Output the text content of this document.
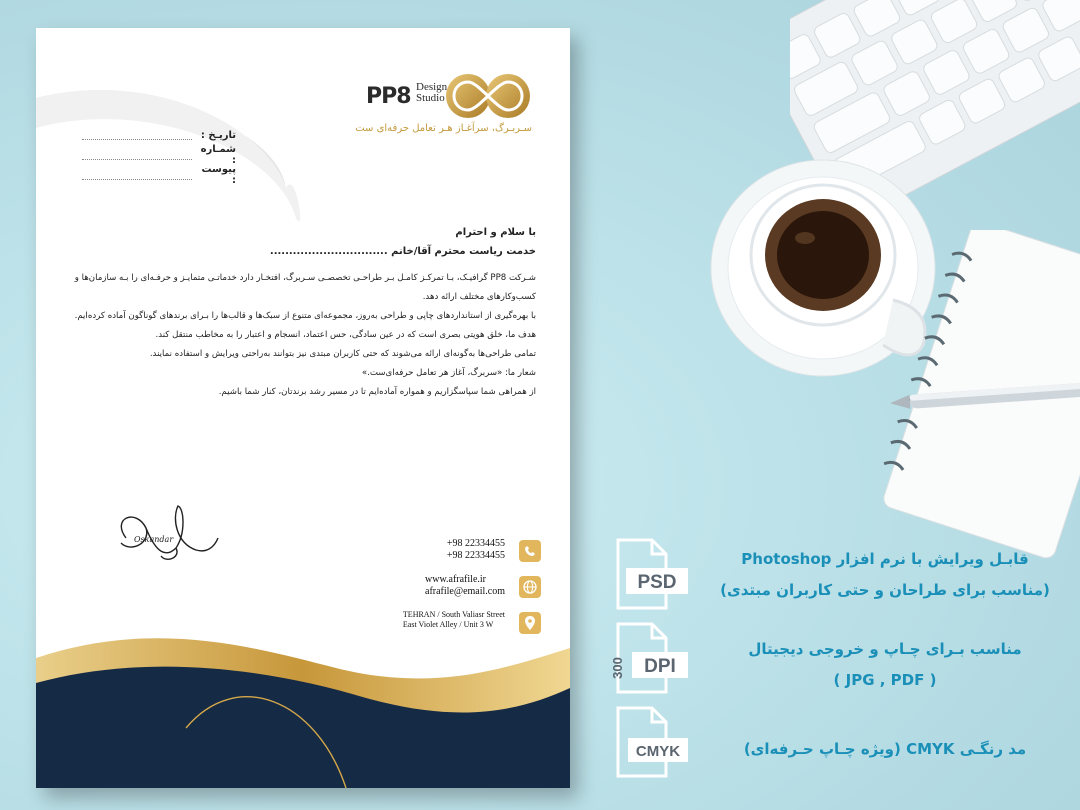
PP8 Design
Studio
سـربـرگ، سرآغـاز هـر تعامل حرفه‌ای ست
تاریـخ :
شمـاره :
پیوست :
با سلام و احترام
خدمت ریاست محترم آقا/خانم ...............................
شـرکت PP8 گرافیـک، بـا تمرکـز کامـل بـر طراحـی تخصصـی سـربرگ، افتخـار دارد خدماتـی متمایـز و حرفـه‌ای را بـه سازمان‌ها و کسب‌وکارهای مختلف ارائه دهد.
با بهره‌گیری از استانداردهای چاپی و طراحی به‌روز، مجموعه‌ای متنوع از سبک‌ها و قالب‌ها را بـرای برندهای گوناگون آماده کرده‌ایم.
هدف ما، خلق هویتی بصری است که در عین سادگی، حس اعتماد، انسجام و اعتبار را به مخاطب منتقل کند.
تمامی طراحی‌ها به‌گونه‌ای ارائه می‌شوند که حتی کاربران مبتدی نیز بتوانند به‌راحتی ویرایش و استفاده نمایند.
شعار ما: «سربرگ، آغاز هر تعامل حرفه‌ای‌ست.»
از همراهی شما سپاسگزاریم و همواره آماده‌ایم تا در مسیر رشد برندتان، کنار شما باشیم.
Oskandar	+98 22334455
+98 22334455
www.afrafile.ir
afrafile@email.com
TEHRAN / South Valiasr Street
East Violet Alley / Unit 3 W
PSD
قابـل ویرایش با نرم افزار Photoshop
(مناسب برای طراحان و حتی کاربران مبتدی)
300 DPI
مناسب بـرای چـاپ و خروجی دیجیتال
( JPG , PDF )
CMYK	مد رنگـی CMYK (ویژه چـاپ حـرفه‌ای)
